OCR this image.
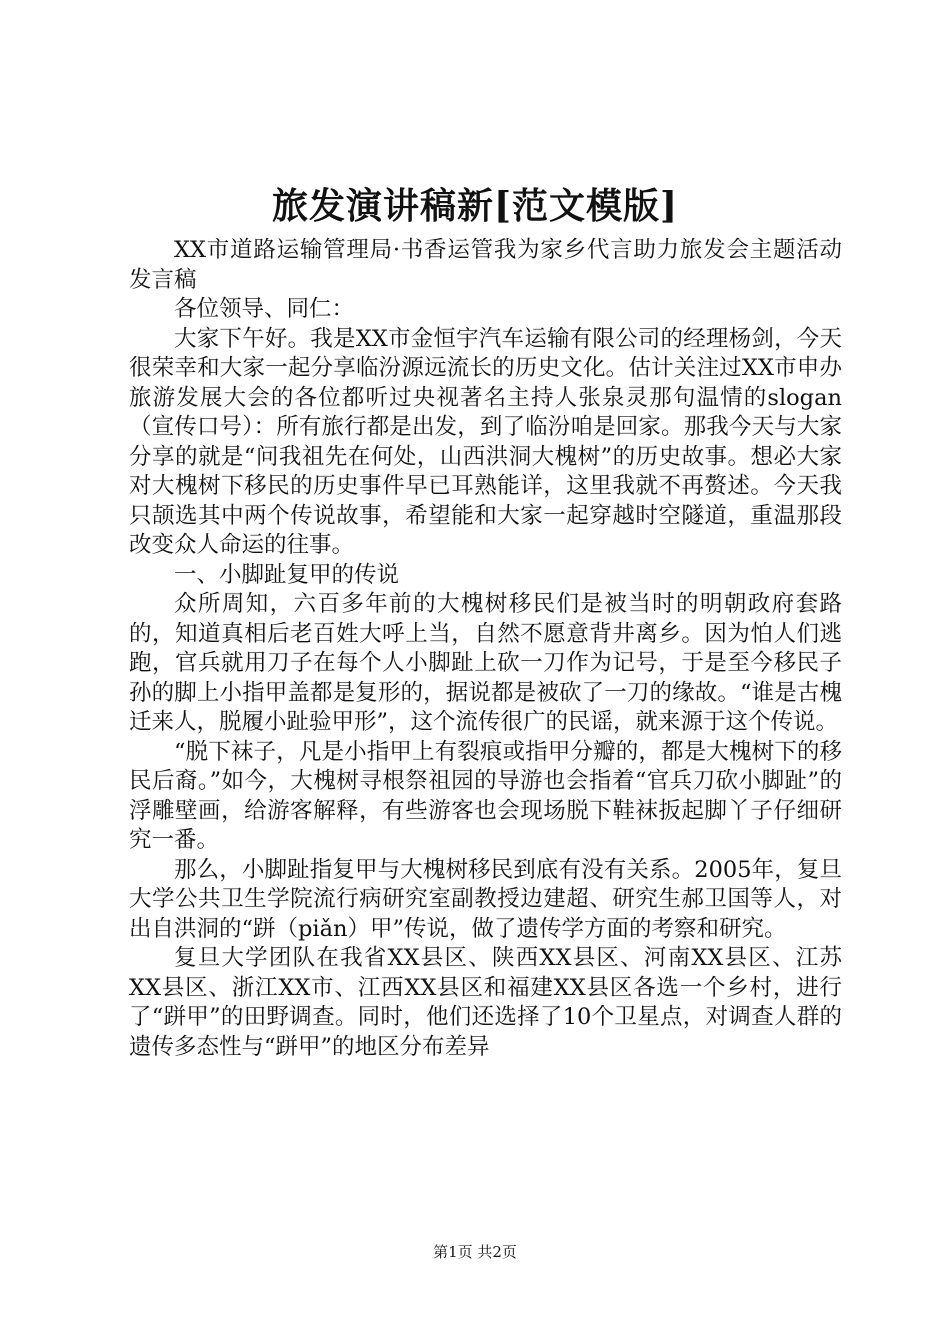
旅发演讲稿新[范文模版]

XX市道路运输管理局·书香运管我为家乡代言助力旅发会主题活动发言稿

各位领导、同仁：

大家下午好。我是XX市金恒宇汽车运输有限公司的经理杨剑，今天很荣幸和大家一起分享临汾源远流长的历史文化。估计关注过XX市申办旅游发展大会的各位都听过央视著名主持人张泉灵那句温情的slogan（宣传口号）：所有旅行都是出发，到了临汾咱是回家。那我今天与大家分享的就是“问我祖先在何处，山西洪洞大槐树”的历史故事。想必大家对大槐树下移民的历史事件早已耳熟能详，这里我就不再赘述。今天我只颉选其中两个传说故事，希望能和大家一起穿越时空隧道，重温那段改变众人命运的往事。

一、小脚趾复甲的传说

众所周知，六百多年前的大槐树移民们是被当时的明朝政府套路的，知道真相后老百姓大呼上当，自然不愿意背井离乡。因为怕人们逃跑，官兵就用刀子在每个人小脚趾上砍一刀作为记号，于是至今移民子孙的脚上小指甲盖都是复形的，据说都是被砍了一刀的缘故。“谁是古槐迁来人，脱履小趾验甲形”，这个流传很广的民谣，就来源于这个传说。

“脱下袜子，凡是小指甲上有裂痕或指甲分瓣的，都是大槐树下的移民后裔。”如今，大槐树寻根祭祖园的导游也会指着“官兵刀砍小脚趾”的浮雕壁画，给游客解释，有些游客也会现场脱下鞋袜扳起脚丫子仔细研究一番。

那么，小脚趾指复甲与大槐树移民到底有没有关系。2005年，复旦大学公共卫生学院流行病研究室副教授边建超、研究生郝卫国等人，对出自洪洞的“跰（piǎn）甲”传说，做了遗传学方面的考察和研究。

复旦大学团队在我省XX县区、陕西XX县区、河南XX县区、江苏XX县区、浙江XX市、江西XX县区和福建XX县区各选一个乡村，进行了“跰甲”的田野调查。同时，他们还选择了10个卫星点，对调查人群的遗传多态性与“跰甲”的地区分布差异

第1页 共2页
